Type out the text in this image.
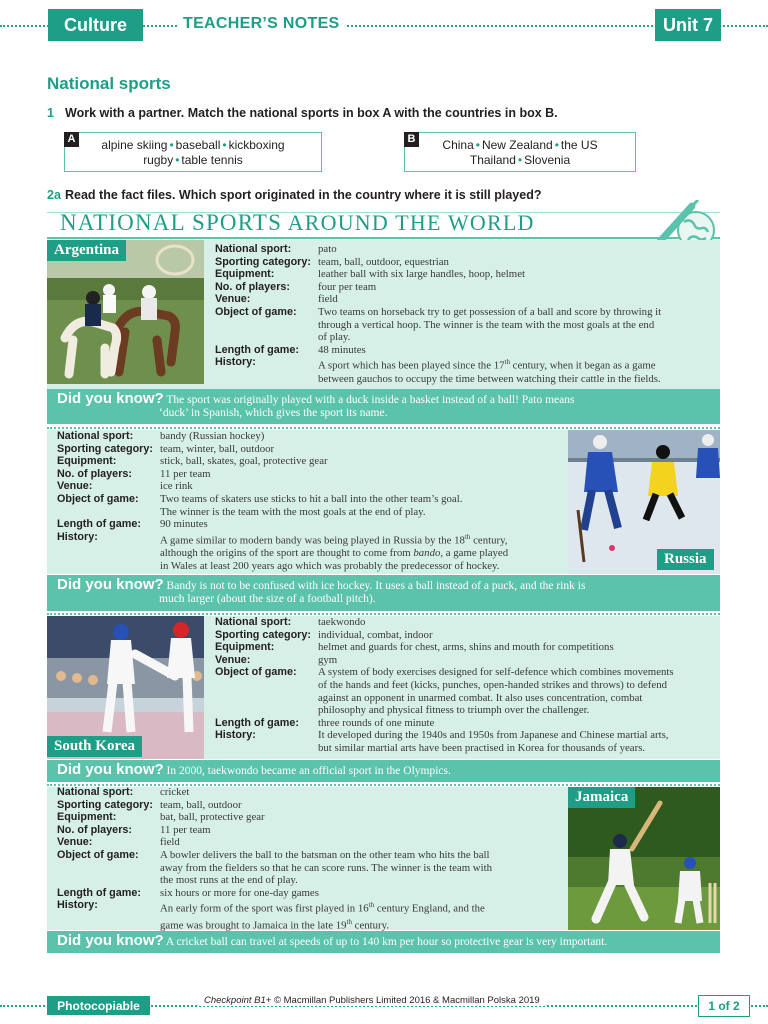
Culture	TEACHER’S NOTES	Unit 7
National sports
1 Work with a partner. Match the national sports in box A with the countries in box B.
A	alpine skiing • baseball • kickboxing
rugby • table tennis
B	China • New Zealand • the US
Thailand • Slovenia
2a Read the fact files. Which sport originated in the country where it is still played?
NATIONAL SPORTS AROUND THE WORLD
Argentina	National sport:	pato
Sporting category: team, ball, outdoor, equestrian
Equipment:	leather ball with six large handles, hoop, helmet
No. of players:	four per team
Venue:	field
Object of game:	Two teams on horseback try to get possession of a ball and score by throwing it
through a vertical hoop. The winner is the team with the most goals at the end
of play.
Length of game:	48 minutes
History:	A sport which has been played since the 17th century, when it began as a game
between gauchos to occupy the time between watching their cattle in the fields.
Did you know? The sport was originally played with a duck inside a basket instead of a ball! Pato means
‘duck’ in Spanish, which gives the sport its name.
Russia
National sport:	bandy (Russian hockey)
Sporting category: team, winter, ball, outdoor
Equipment:	stick, ball, skates, goal, protective gear
No. of players:	11 per team
Venue:	ice rink
Object of game:	Two teams of skaters use sticks to hit a ball into the other team’s goal.
The winner is the team with the most goals at the end of play.
Length of game:	90 minutes
History:	A game similar to modern bandy was being played in Russia by the 18th century,
although the origins of the sport are thought to come from bando, a game played
in Wales at least 200 years ago which was probably the predecessor of hockey.
Did you know? Bandy is not to be confused with ice hockey. It uses a ball instead of a puck, and the rink is
much larger (about the size of a football pitch).
South Korea
National sport:	taekwondo
Sporting category: individual, combat, indoor
Equipment:	helmet and guards for chest, arms, shins and mouth for competitions
Venue:	gym
Object of game:	A system of body exercises designed for self-defence which combines movements
of the hands and feet (kicks, punches, open-handed strikes and throws) to defend
against an opponent in unarmed combat. It also uses concentration, combat
philosophy and physical fitness to triumph over the challenger.
Length of game:	three rounds of one minute
History:	It developed during the 1940s and 1950s from Japanese and Chinese martial arts,
but similar martial arts have been practised in Korea for thousands of years.
Did you know? In 2000, taekwondo became an official sport in the Olympics.
Jamaica
National sport:	cricket
Sporting category: team, ball, outdoor
Equipment:	bat, ball, protective gear
No. of players:	11 per team
Venue:	field
Object of game:	A bowler delivers the ball to the batsman on the other team who hits the ball
away from the fielders so that he can score runs. The winner is the team with
the most runs at the end of play.
Length of game:	six hours or more for one-day games
History:	An early form of the sport was first played in 16th century England, and the
game was brought to Jamaica in the late 19th century.
Did you know? A cricket ball can travel at speeds of up to 140 km per hour so protective gear is very important.
Photocopiable	Checkpoint B1+ © Macmillan Publishers Limited 2016 & Macmillan Polska 2019	1 of 2
